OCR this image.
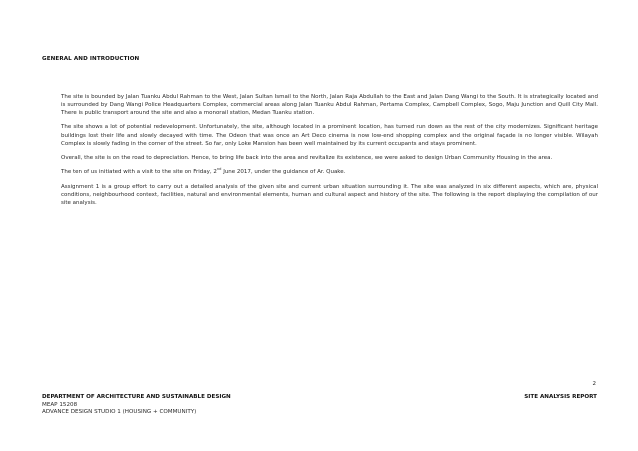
GENERAL AND INTRODUCTION

The site is bounded by Jalan Tuanku Abdul Rahman to the West, Jalan Sultan Ismail to the North, Jalan Raja Abdullah to the East and Jalan Dang Wangi to the South. It is strategically located and is surrounded by Dang Wangi Police Headquarters Complex, commercial areas along Jalan Tuanku Abdul Rahman, Pertama Complex, Campbell Complex, Sogo, Maju Junction and Quill City Mall. There is public transport around the site and also a monorail station, Medan Tuanku station.

The site shows a lot of potential redevelopment. Unfortunately, the site, although located in a prominent location, has turned run down as the rest of the city modernizes. Significant heritage buildings lost their life and slowly decayed with time. The Odeon that was once an Art Deco cinema is now low-end shopping complex and the original façade is no longer visible. Wilayah Complex is slowly fading in the corner of the street. So far, only Loke Mansion has been well maintained by its current occupants and stays prominent.

Overall, the site is on the road to depreciation. Hence, to bring life back into the area and revitalize its existence, we were asked to design Urban Community Housing in the area.

The ten of us initiated with a visit to the site on Friday, 2nd June 2017, under the guidance of Ar. Quake.

Assignment 1 is a group effort to carry out a detailed analysis of the given site and current urban situation surrounding it. The site was analyzed in six different aspects, which are, physical conditions, neighbourhood context, facilities, natural and environmental elements, human and cultural aspect and history of the site. The following is the report displaying the compilation of our site analysis.

2
DEPARTMENT OF ARCHITECTURE AND SUSTAINABLE DESIGN
MEAP 15208
ADVANCE DESIGN STUDIO 1 (HOUSING + COMMUNITY)
SITE ANALYSIS REPORT
